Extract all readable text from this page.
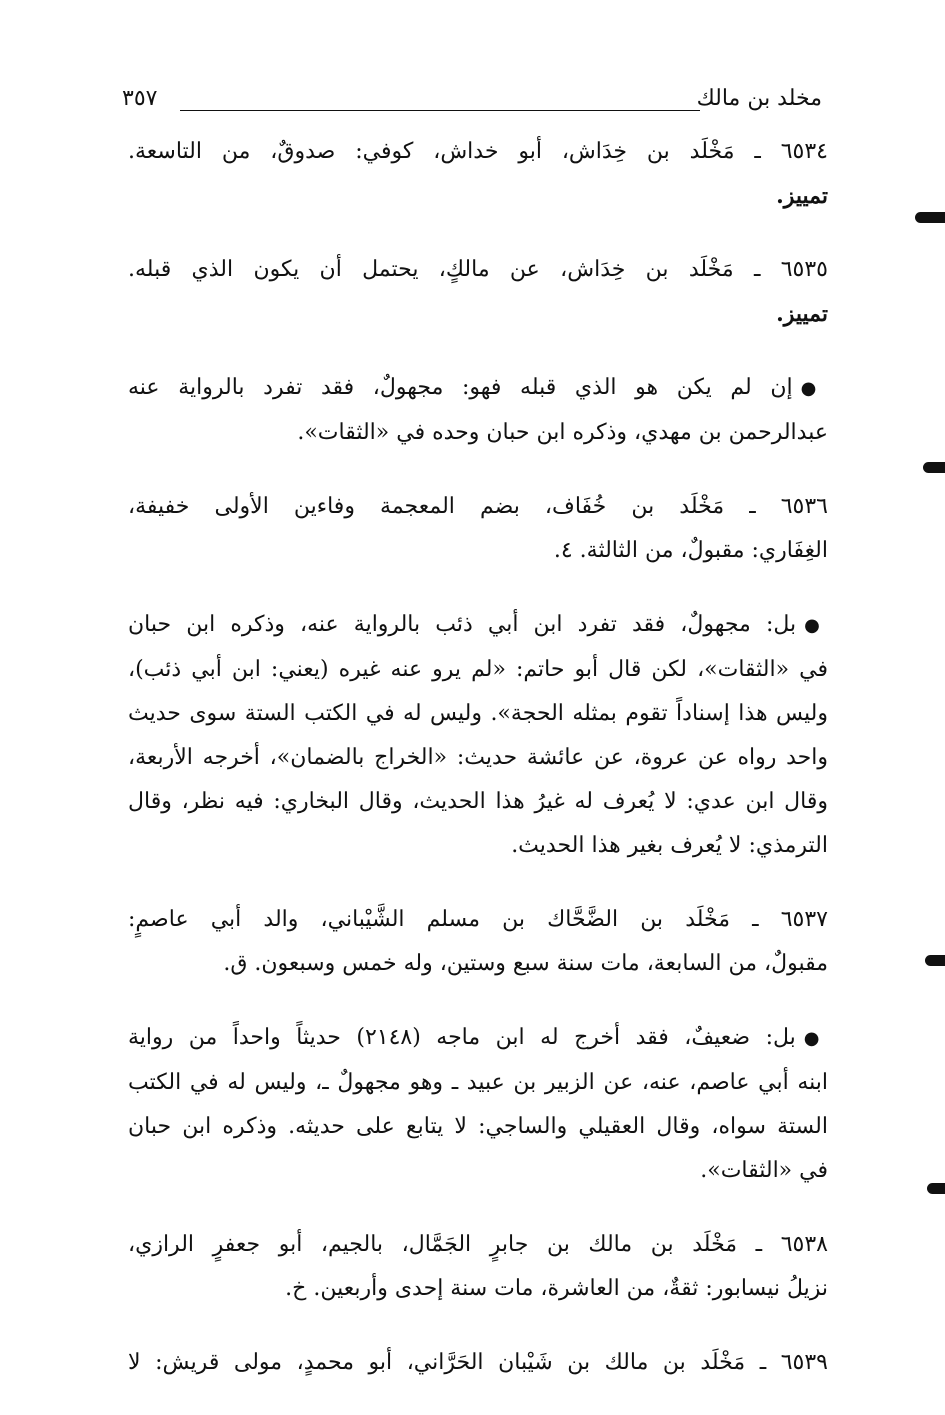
مخلد بن مالك
٣٥٧
٦٥٣٤ ـ مَخْلَد بن خِدَاش، أبو خداش، كوفي: صدوقٌ، من التاسعة.
تمييز.
٦٥٣٥ ـ مَخْلَد بن خِدَاش، عن مالكٍ، يحتمل أن يكون الذي قبله.
تمييز.
●إن لم يكن هو الذي قبله فهو: مجهولٌ، فقد تفرد بالرواية عنه
عبدالرحمن بن مهدي، وذكره ابن حبان وحده في «الثقات».
٦٥٣٦ ـ مَخْلَد بن خُفَاف، بضم المعجمة وفاءين الأولى خفيفة،
الغِفَاري: مقبولٌ، من الثالثة. ٤.
●بل: مجهولٌ، فقد تفرد ابن أبي ذئب بالرواية عنه، وذكره ابن حبان
في «الثقات»، لكن قال أبو حاتم: «لم يرو عنه غيره (يعني: ابن أبي ذئب)،
وليس هذا إسناداً تقوم بمثله الحجة». وليس له في الكتب الستة سوى حديث
واحد رواه عن عروة، عن عائشة حديث: «الخراج بالضمان»، أخرجه الأربعة،
وقال ابن عدي: لا يُعرف له غيرُ هذا الحديث، وقال البخاري: فيه نظر، وقال
الترمذي: لا يُعرف بغير هذا الحديث.
٦٥٣٧ ـ مَخْلَد بن الضَّحَّاك بن مسلم الشَّيْباني، والد أبي عاصمٍ:
مقبولٌ، من السابعة، مات سنة سبع وستين، وله خمس وسبعون. ق.
●بل: ضعيفٌ، فقد أخرج له ابن ماجه (٢١٤٨) حديثاً واحداً من رواية
ابنه أبي عاصم، عنه، عن الزبير بن عبيد ـ وهو مجهولٌ ـ، وليس له في الكتب
الستة سواه، وقال العقيلي والساجي: لا يتابع على حديثه. وذكره ابن حبان
في «الثقات».
٦٥٣٨ ـ مَخْلَد بن مالك بن جابرٍ الجَمَّال، بالجيم، أبو جعفرٍ الرازي،
نزيلُ نيسابور: ثقةٌ، من العاشرة، مات سنة إحدى وأربعين. خ.
٦٥٣٩ ـ مَخْلَد بن مالك بن شَيْبان الحَرَّاني، أبو محمدٍ، مولى قريش: لا
